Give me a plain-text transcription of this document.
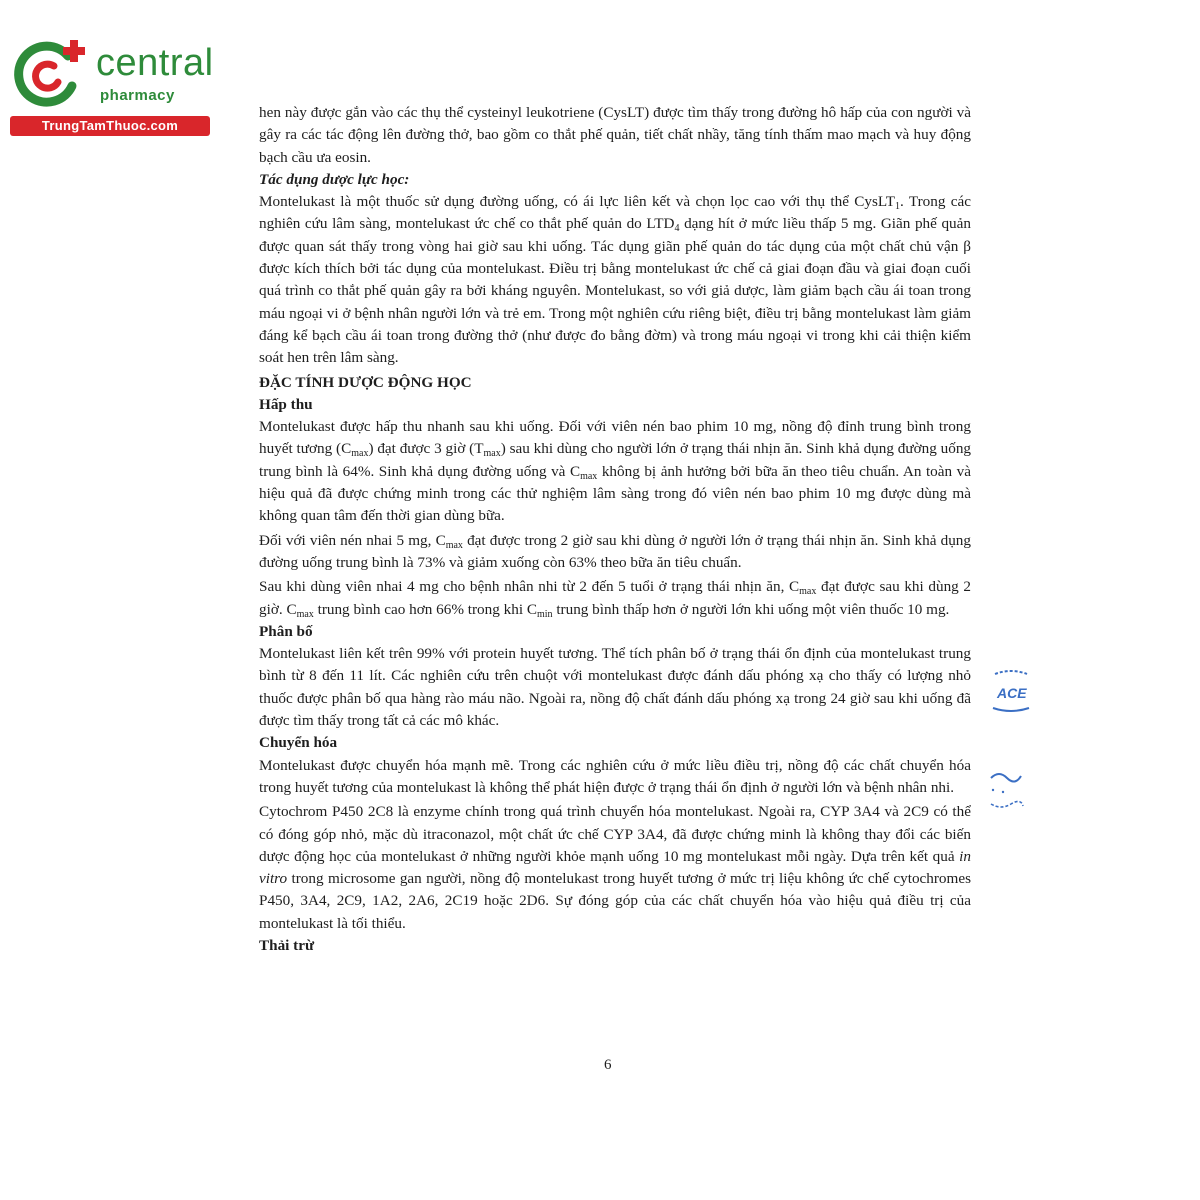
central
pharmacy
TrungTamThuoc.com

hen này được gắn vào các thụ thể cysteinyl leukotriene (CysLT) được tìm thấy trong đường hô hấp của con người và gây ra các tác động lên đường thở, bao gồm co thắt phế quản, tiết chất nhầy, tăng tính thấm mao mạch và huy động bạch cầu ưa eosin.

Tác dụng dược lực học:

Montelukast là một thuốc sử dụng đường uống, có ái lực liên kết và chọn lọc cao với thụ thể CysLT$_1$. Trong các nghiên cứu lâm sàng, montelukast ức chế co thắt phế quản do $LTD_4$ dạng hít ở mức liều thấp 5 mg. Giãn phế quản được quan sát thấy trong vòng hai giờ sau khi uống. Tác dụng giãn phế quản do tác dụng của một chất chủ vận β được kích thích bởi tác dụng của montelukast. Điều trị bằng montelukast ức chế cả giai đoạn đầu và giai đoạn cuối quá trình co thắt phế quản gây ra bởi kháng nguyên. Montelukast, so với giả dược, làm giảm bạch cầu ái toan trong máu ngoại vi ở bệnh nhân người lớn và trẻ em. Trong một nghiên cứu riêng biệt, điều trị bằng montelukast làm giảm đáng kể bạch cầu ái toan trong đường thở (như được đo bằng đờm) và trong máu ngoại vi trong khi cải thiện kiểm soát hen trên lâm sàng.

ĐẶC TÍNH DƯỢC ĐỘNG HỌC

Hấp thu

Montelukast được hấp thu nhanh sau khi uống. Đối với viên nén bao phim 10 mg, nồng độ đỉnh trung bình trong huyết tương $(C_{max})$ đạt được 3 giờ $(T_{max})$ sau khi dùng cho người lớn ở trạng thái nhịn ăn. Sinh khả dụng đường uống trung bình là 64%. Sinh khả dụng đường uống và $C_{max}$ không bị ảnh hưởng bởi bữa ăn theo tiêu chuẩn. An toàn và hiệu quả đã được chứng minh trong các thử nghiệm lâm sàng trong đó viên nén bao phim 10 mg được dùng mà không quan tâm đến thời gian dùng bữa.

Đối với viên nén nhai 5 mg, $C_{max}$ đạt được trong 2 giờ sau khi dùng ở người lớn ở trạng thái nhịn ăn. Sinh khả dụng đường uống trung bình là 73% và giảm xuống còn 63% theo bữa ăn tiêu chuẩn.

Sau khi dùng viên nhai 4 mg cho bệnh nhân nhi từ 2 đến 5 tuổi ở trạng thái nhịn ăn, $C_{max}$ đạt được sau khi dùng 2 giờ. $C_{max}$ trung bình cao hơn 66% trong khi $C_{min}$ trung bình thấp hơn ở người lớn khi uống một viên thuốc 10 mg.

Phân bố

Montelukast liên kết trên 99% với protein huyết tương. Thể tích phân bố ở trạng thái ổn định của montelukast trung bình từ 8 đến 11 lít. Các nghiên cứu trên chuột với montelukast được đánh dấu phóng xạ cho thấy có lượng nhỏ thuốc được phân bố qua hàng rào máu não. Ngoài ra, nồng độ chất đánh dấu phóng xạ trong 24 giờ sau khi uống đã được tìm thấy trong tất cả các mô khác.

Chuyển hóa

Montelukast được chuyển hóa mạnh mẽ. Trong các nghiên cứu ở mức liều điều trị, nồng độ các chất chuyển hóa trong huyết tương của montelukast là không thể phát hiện được ở trạng thái ổn định ở người lớn và bệnh nhân nhi.

Cytochrom P450 2C8 là enzyme chính trong quá trình chuyển hóa montelukast. Ngoài ra, CYP 3A4 và 2C9 có thể có đóng góp nhỏ, mặc dù itraconazol, một chất ức chế CYP 3A4, đã được chứng minh là không thay đổi các biến dược động học của montelukast ở những người khỏe mạnh uống 10 mg montelukast mỗi ngày. Dựa trên kết quả in vitro trong microsome gan người, nồng độ montelukast trong huyết tương ở mức trị liệu không ức chế cytochromes P450, 3A4, 2C9, 1A2, 2A6, 2C19 hoặc 2D6. Sự đóng góp của các chất chuyển hóa vào hiệu quả điều trị của montelukast là tối thiểu.

Thải trừ

6
ACE
